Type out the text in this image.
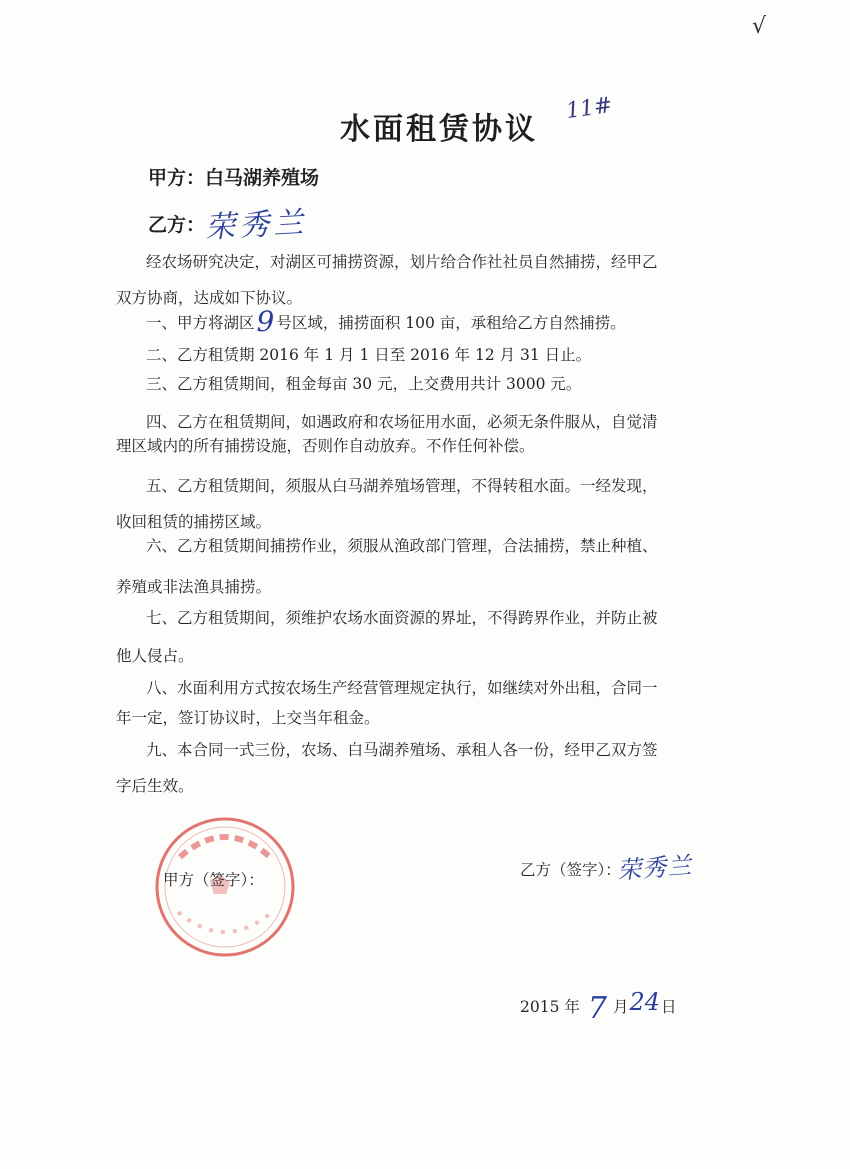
√
水面租赁协议
11#
甲方：白马湖养殖场
乙方： 荣秀兰
经农场研究决定，对湖区可捕捞资源，划片给合作社社员自然捕捞，经甲乙
双方协商，达成如下协议。
一、甲方将湖区9 号区域，捕捞面积 100 亩，承租给乙方自然捕捞。
二、乙方租赁期 2016 年 1 月 1 日至 2016 年 12 月 31 日止。
三、乙方租赁期间，租金每亩 30 元，上交费用共计 3000 元。
四、乙方在租赁期间，如遇政府和农场征用水面，必须无条件服从，自觉清
理区域内的所有捕捞设施，否则作自动放弃。不作任何补偿。
五、乙方租赁期间，须服从白马湖养殖场管理，不得转租水面。一经发现，
收回租赁的捕捞区域。
六、乙方租赁期间捕捞作业，须服从渔政部门管理，合法捕捞，禁止种植、
养殖或非法渔具捕捞。
七、乙方租赁期间，须维护农场水面资源的界址，不得跨界作业，并防止被
他人侵占。
八、水面利用方式按农场生产经营管理规定执行，如继续对外出租，合同一
年一定，签订协议时，上交当年租金。
九、本合同一式三份，农场、白马湖养殖场、承租人各一份，经甲乙双方签
字后生效。
甲方（签字）：
乙方（签字）：
荣秀兰
2015 年 7 月24日
